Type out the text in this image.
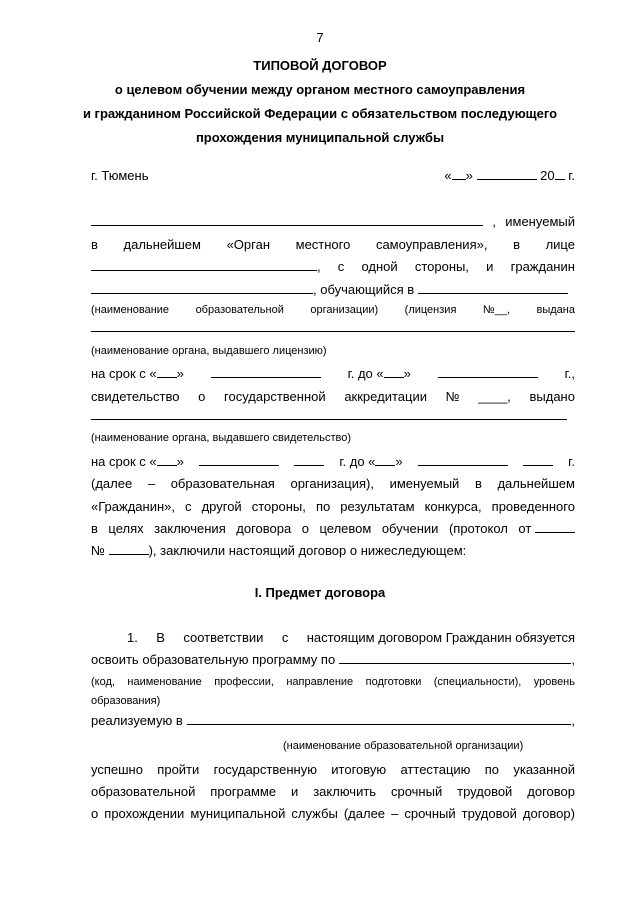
7
ТИПОВОЙ ДОГОВОР
о целевом обучении между органом местного самоуправления
и гражданином Российской Федерации с обязательством последующего
прохождения муниципальной службы
г. Тюмень	« »	20 г.
, именуемый
в дальнейшем «Орган местного самоуправления», в лице
, с одной стороны, и гражданин
, обучающийся в
(наименование образовательной организации) (лицензия №__, выдана
(наименование органа, выдавшего лицензию)
на срок с « »	г. до « »	г.,
свидетельство о государственной аккредитации № ____, выдано
(наименование органа, выдавшего свидетельство)
на срок с « »	г. до « »	г.
(далее – образовательная организация), именуемый в дальнейшем
«Гражданин», с другой стороны, по результатам конкурса, проведенного
в целях заключения договора о целевом обучении (протокол от
№	), заключили настоящий договор о нижеследующем:
I. Предмет договора
1. В соответствии с настоящим договором Гражданин обязуется
освоить образовательную программу по	,
(код, наименование профессии, направление подготовки (специальности), уровень
образования)
реализуемую в	,
(наименование образовательной организации)
успешно пройти государственную итоговую аттестацию по указанной
образовательной программе и заключить срочный трудовой договор
о прохождении муниципальной службы (далее – срочный трудовой договор)
